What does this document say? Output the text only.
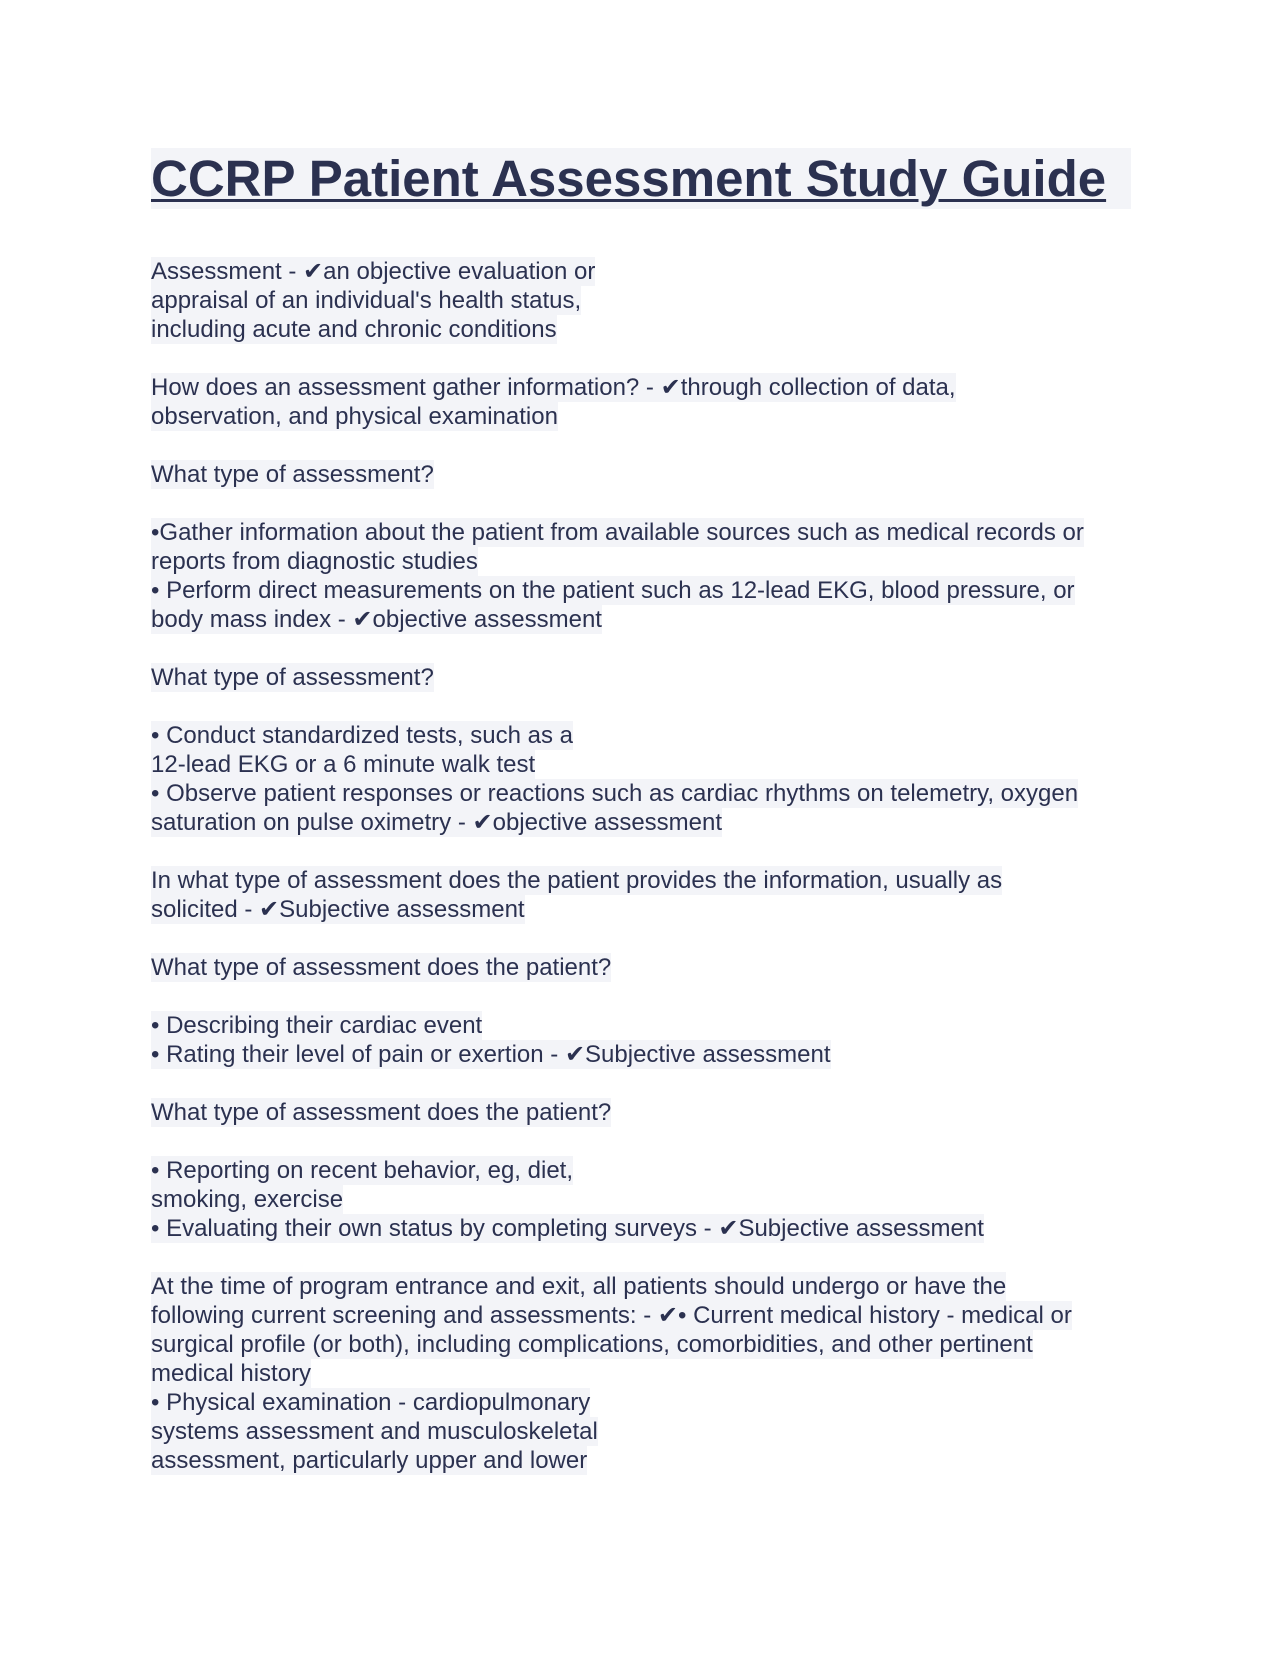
CCRP Patient Assessment Study Guide
Assessment - ✔an objective evaluation or
appraisal of an individual's health status,
including acute and chronic conditions
How does an assessment gather information? - ✔through collection of data,
observation, and physical examination
What type of assessment?
•Gather information about the patient from available sources such as medical records or
reports from diagnostic studies
• Perform direct measurements on the patient such as 12-lead EKG, blood pressure, or
body mass index - ✔objective assessment
What type of assessment?
• Conduct standardized tests, such as a
12-lead EKG or a 6 minute walk test
• Observe patient responses or reactions such as cardiac rhythms on telemetry, oxygen
saturation on pulse oximetry - ✔objective assessment
In what type of assessment does the patient provides the information, usually as
solicited - ✔Subjective assessment
What type of assessment does the patient?
• Describing their cardiac event
• Rating their level of pain or exertion - ✔Subjective assessment
What type of assessment does the patient?
• Reporting on recent behavior, eg, diet,
smoking, exercise
• Evaluating their own status by completing surveys - ✔Subjective assessment
At the time of program entrance and exit, all patients should undergo or have the
following current screening and assessments: - ✔• Current medical history - medical or
surgical profile (or both), including complications, comorbidities, and other pertinent
medical history
• Physical examination - cardiopulmonary
systems assessment and musculoskeletal
assessment, particularly upper and lower
